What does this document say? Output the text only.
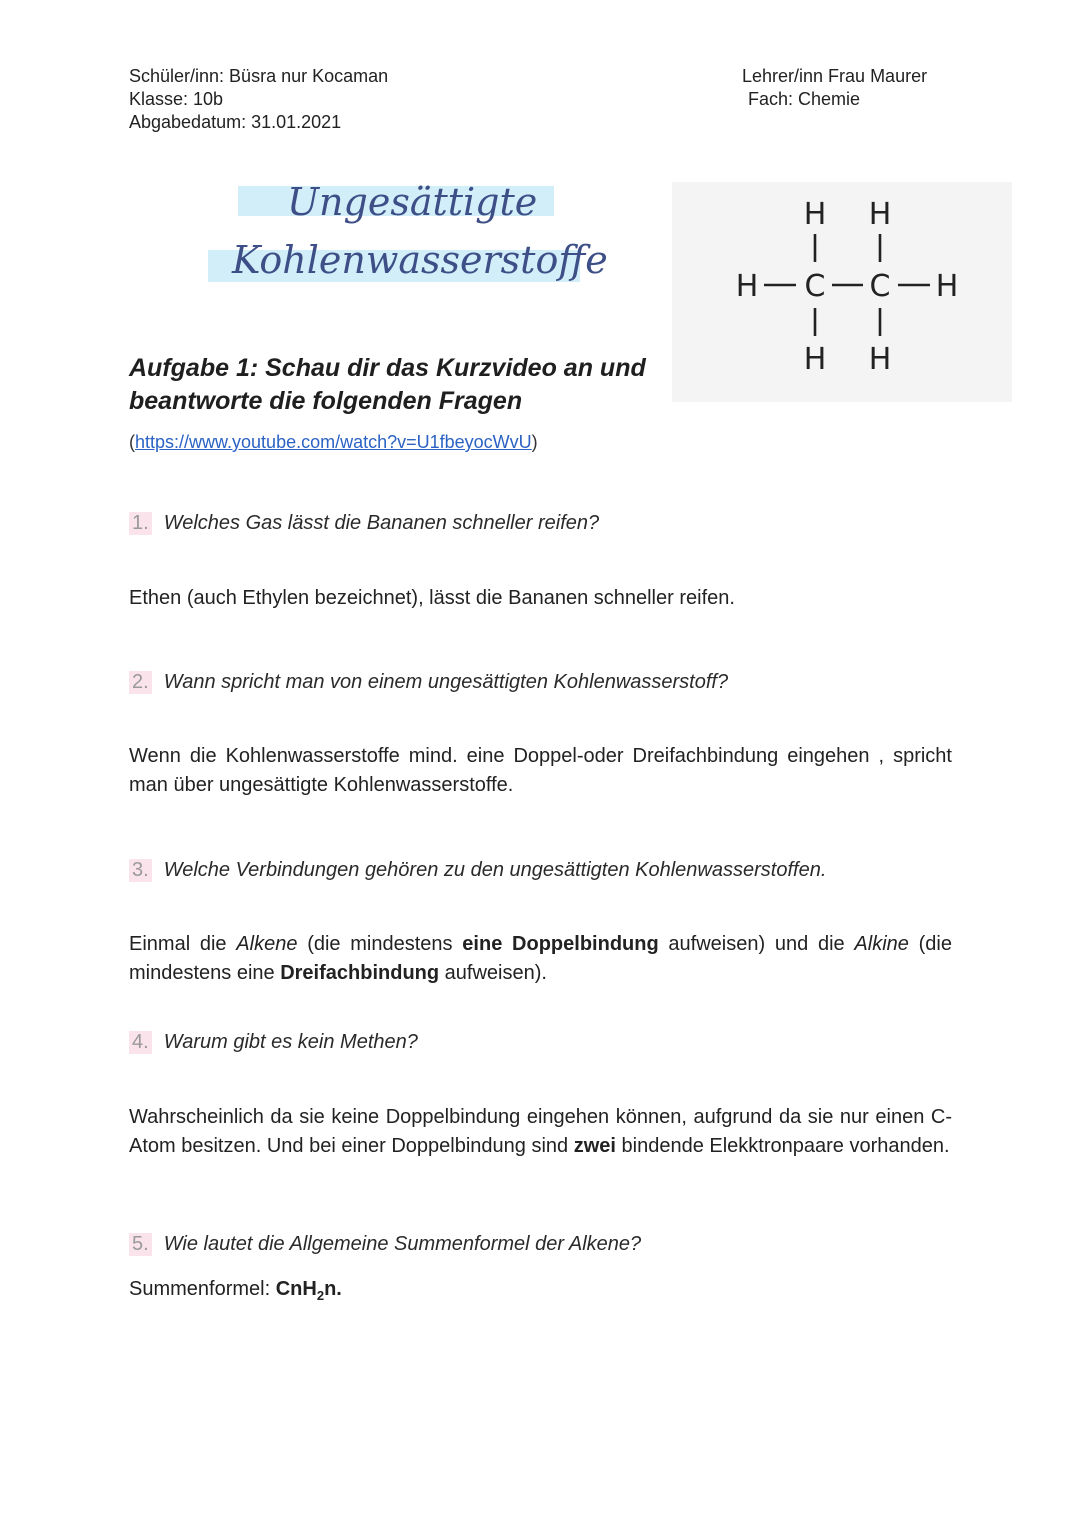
Schüler/inn: Büsra nur Kocaman
Klasse: 10b
Abgabedatum: 31.01.2021
Lehrer/inn Frau Maurer
Fach: Chemie
Ungesättigte
Kohlenwasserstoffe
H H
H C C H
H H
Aufgabe 1: Schau dir das Kurzvideo an und
beantworte die folgenden Fragen
(https://www.youtube.com/watch?v=U1fbeyocWvU)
1. Welches Gas lässt die Bananen schneller reifen?
Ethen (auch Ethylen bezeichnet), lässt die Bananen schneller reifen.
2. Wann spricht man von einem ungesättigten Kohlenwasserstoff?
Wenn die Kohlenwasserstoffe mind. eine Doppel-oder Dreifachbindung eingehen , spricht man über ungesättigte Kohlenwasserstoffe.
3. Welche Verbindungen gehören zu den ungesättigten Kohlenwasserstoffen.
Einmal die Alkene (die mindestens eine Doppelbindung aufweisen) und die Alkine (die mindestens eine Dreifachbindung aufweisen).
4. Warum gibt es kein Methen?
Wahrscheinlich da sie keine Doppelbindung eingehen können, aufgrund da sie nur einen C- Atom besitzen. Und bei einer Doppelbindung sind zwei bindende Elekktronpaare vorhanden.
5. Wie lautet die Allgemeine Summenformel der Alkene?
Summenformel: CnH$_2$n.
